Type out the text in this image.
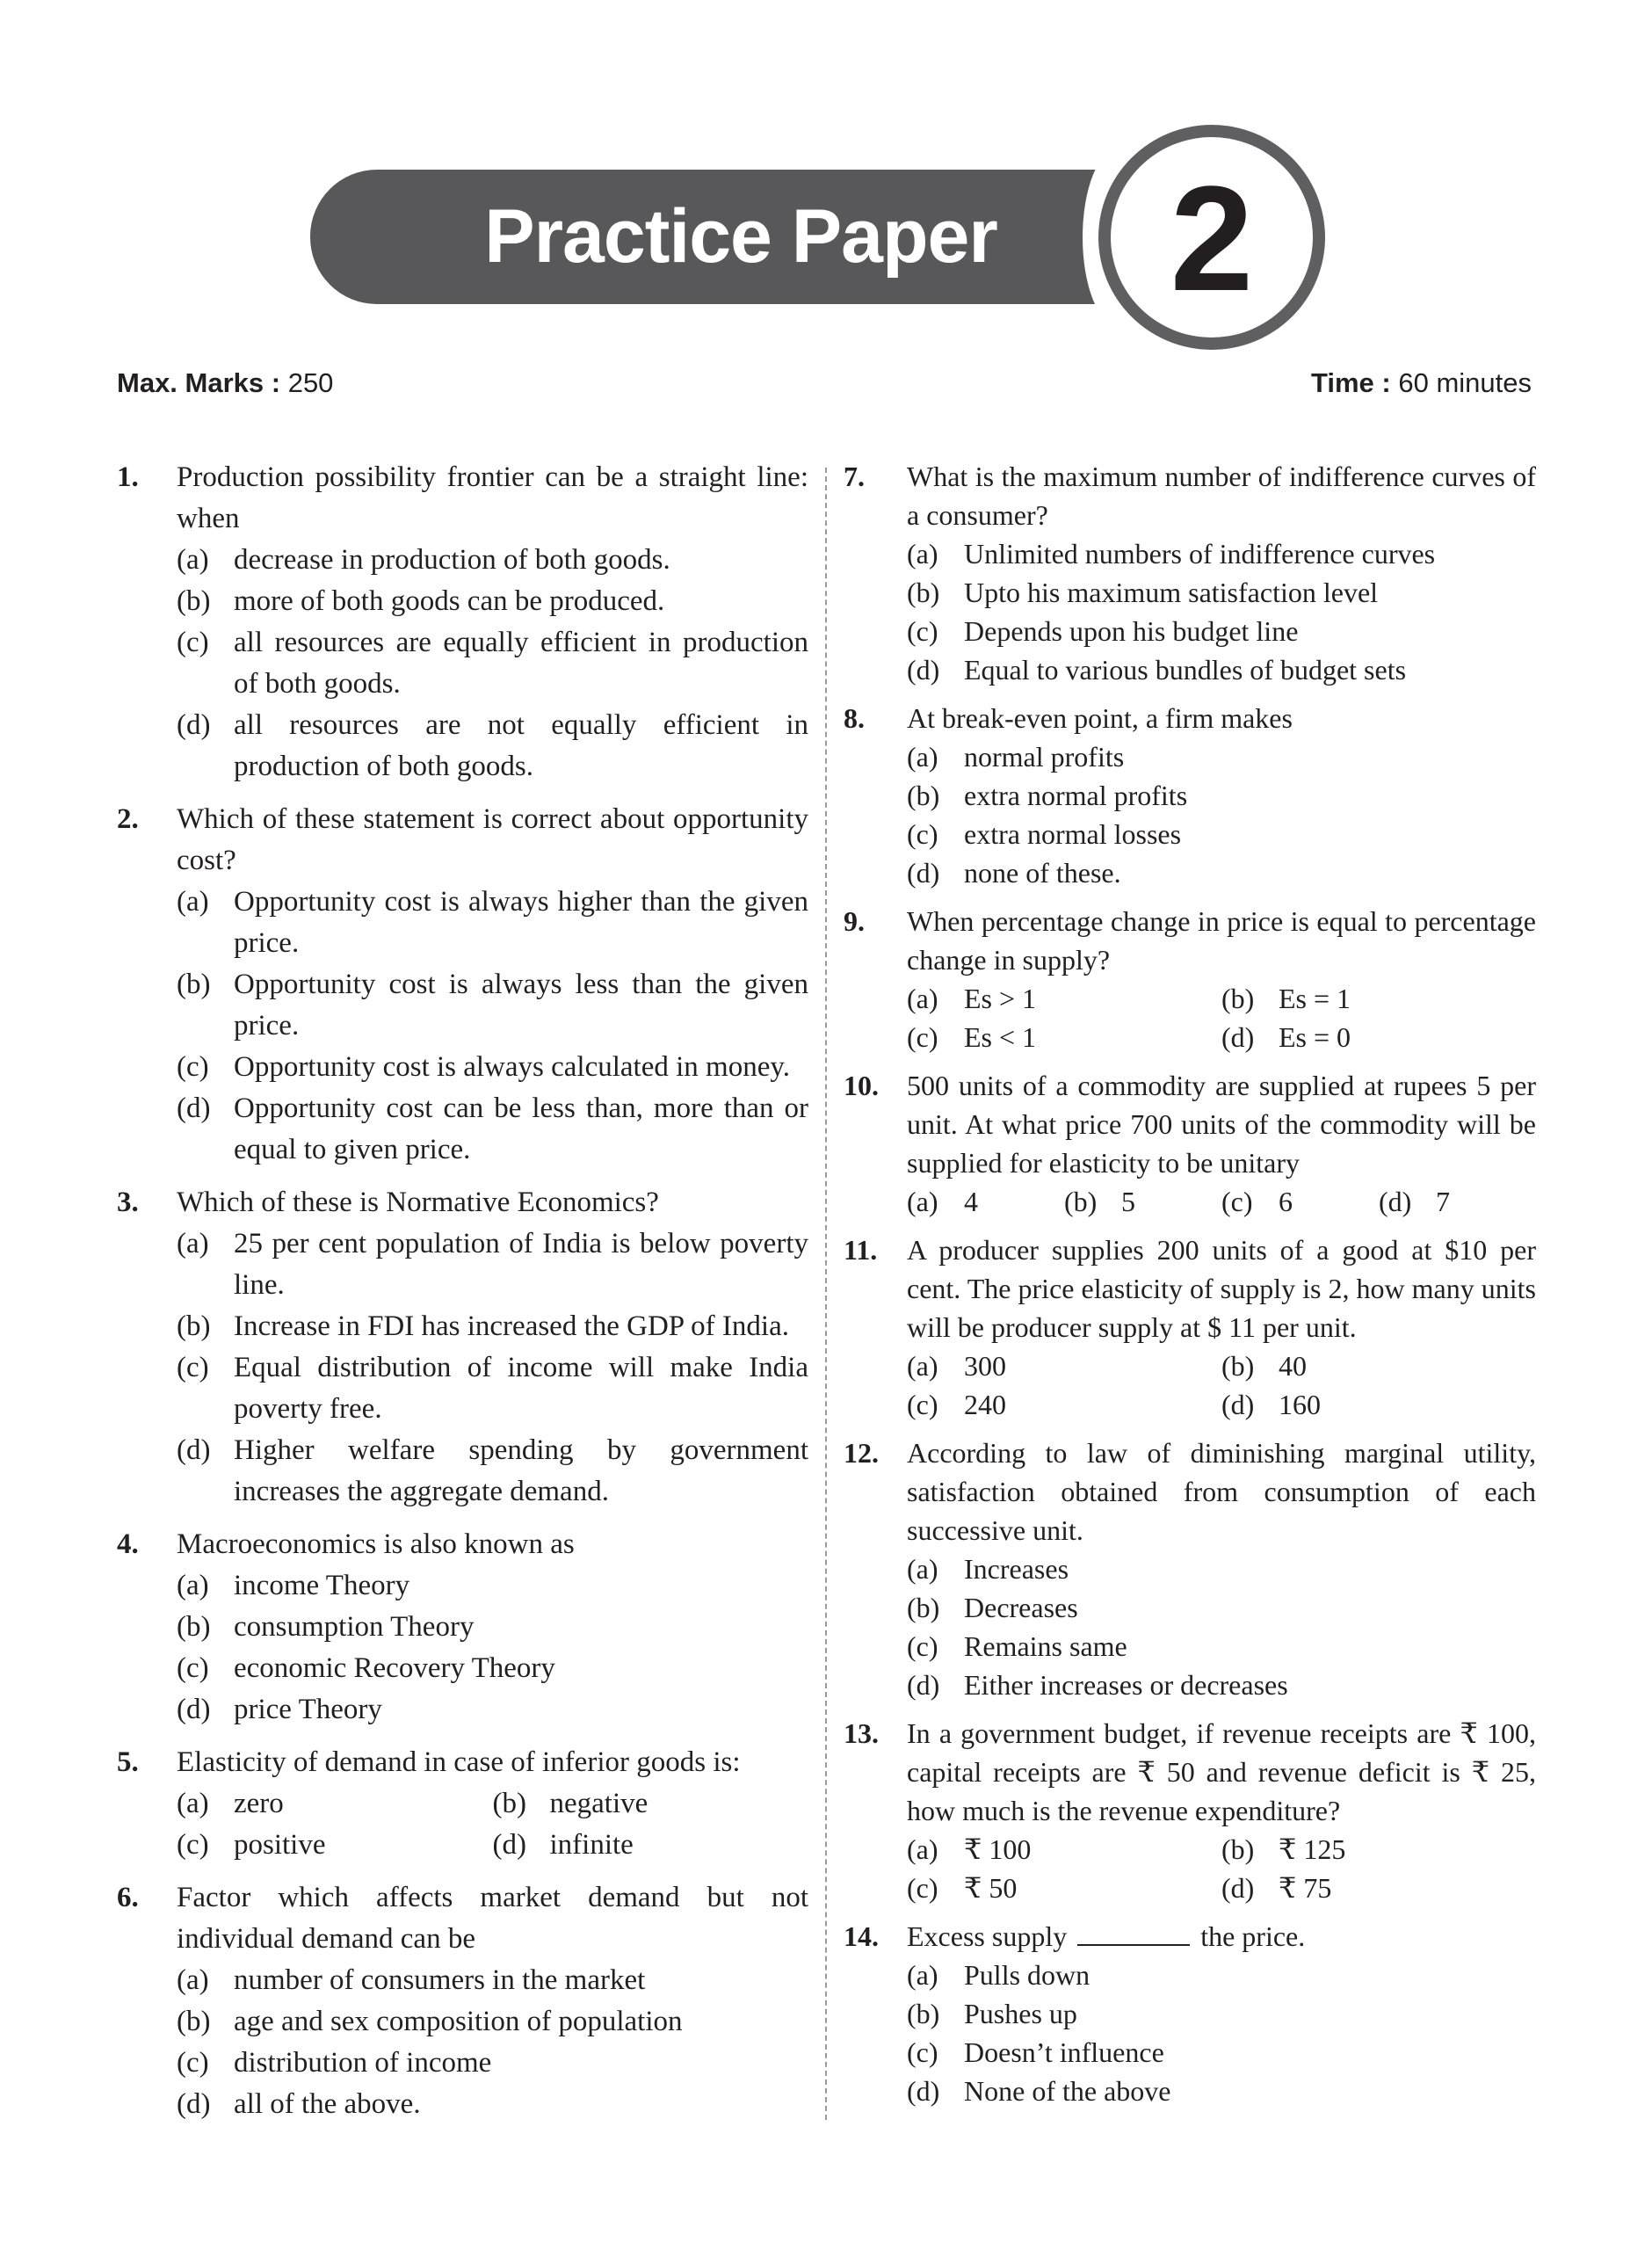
Practice Paper	2
Max. Marks : 250	Time : 60 minutes
1. Production possibility frontier can be a straight line: when
(a) decrease in production of both goods.
(b) more of both goods can be produced.
(c) all resources are equally efficient in production of both goods.
(d) all resources are not equally efficient in production of both goods.
2. Which of these statement is correct about opportunity cost?
(a) Opportunity cost is always higher than the given price.
(b) Opportunity cost is always less than the given price.
(c) Opportunity cost is always calculated in money.
(d) Opportunity cost can be less than, more than or equal to given price.
3. Which of these is Normative Economics?
(a) 25 per cent population of India is below poverty line.
(b) Increase in FDI has increased the GDP of India.
(c) Equal distribution of income will make India poverty free.
(d) Higher welfare spending by government increases the aggregate demand.
4. Macroeconomics is also known as
(a) income Theory
(b) consumption Theory
(c) economic Recovery Theory
(d) price Theory
5. Elasticity of demand in case of inferior goods is:
(a) zero	(b) negative
(c) positive	(d) infinite
6. Factor which affects market demand but not individual demand can be
(a) number of consumers in the market
(b) age and sex composition of population
(c) distribution of income
(d) all of the above.
7. What is the maximum number of indifference curves of a consumer?
(a) Unlimited numbers of indifference curves
(b) Upto his maximum satisfaction level
(c) Depends upon his budget line
(d) Equal to various bundles of budget sets
8. At break-even point, a firm makes
(a) normal profits
(b) extra normal profits
(c) extra normal losses
(d) none of these.
9. When percentage change in price is equal to percentage change in supply?
(a) Es > 1	(b) Es = 1
(c) Es < 1	(d) Es = 0
10. 500 units of a commodity are supplied at rupees 5 per unit. At what price 700 units of the commodity will be supplied for elasticity to be unitary
(a) 4	(b) 5	(c) 6	(d) 7
11. A producer supplies 200 units of a good at $10 per cent. The price elasticity of supply is 2, how many units will be producer supply at $ 11 per unit.
(a) 300	(b) 40
(c) 240	(d) 160
12. According to law of diminishing marginal utility, satisfaction obtained from consumption of each successive unit.
(a) Increases
(b) Decreases
(c) Remains same
(d) Either increases or decreases
13. In a government budget, if revenue receipts are ₹ 100, capital receipts are ₹ 50 and revenue deficit is ₹ 25, how much is the revenue expenditure?
(a) ₹ 100	(b) ₹ 125
(c) ₹ 50	(d) ₹ 75
14. Excess supply	the price.
(a) Pulls down
(b) Pushes up
(c) Doesn’t influence
(d) None of the above
